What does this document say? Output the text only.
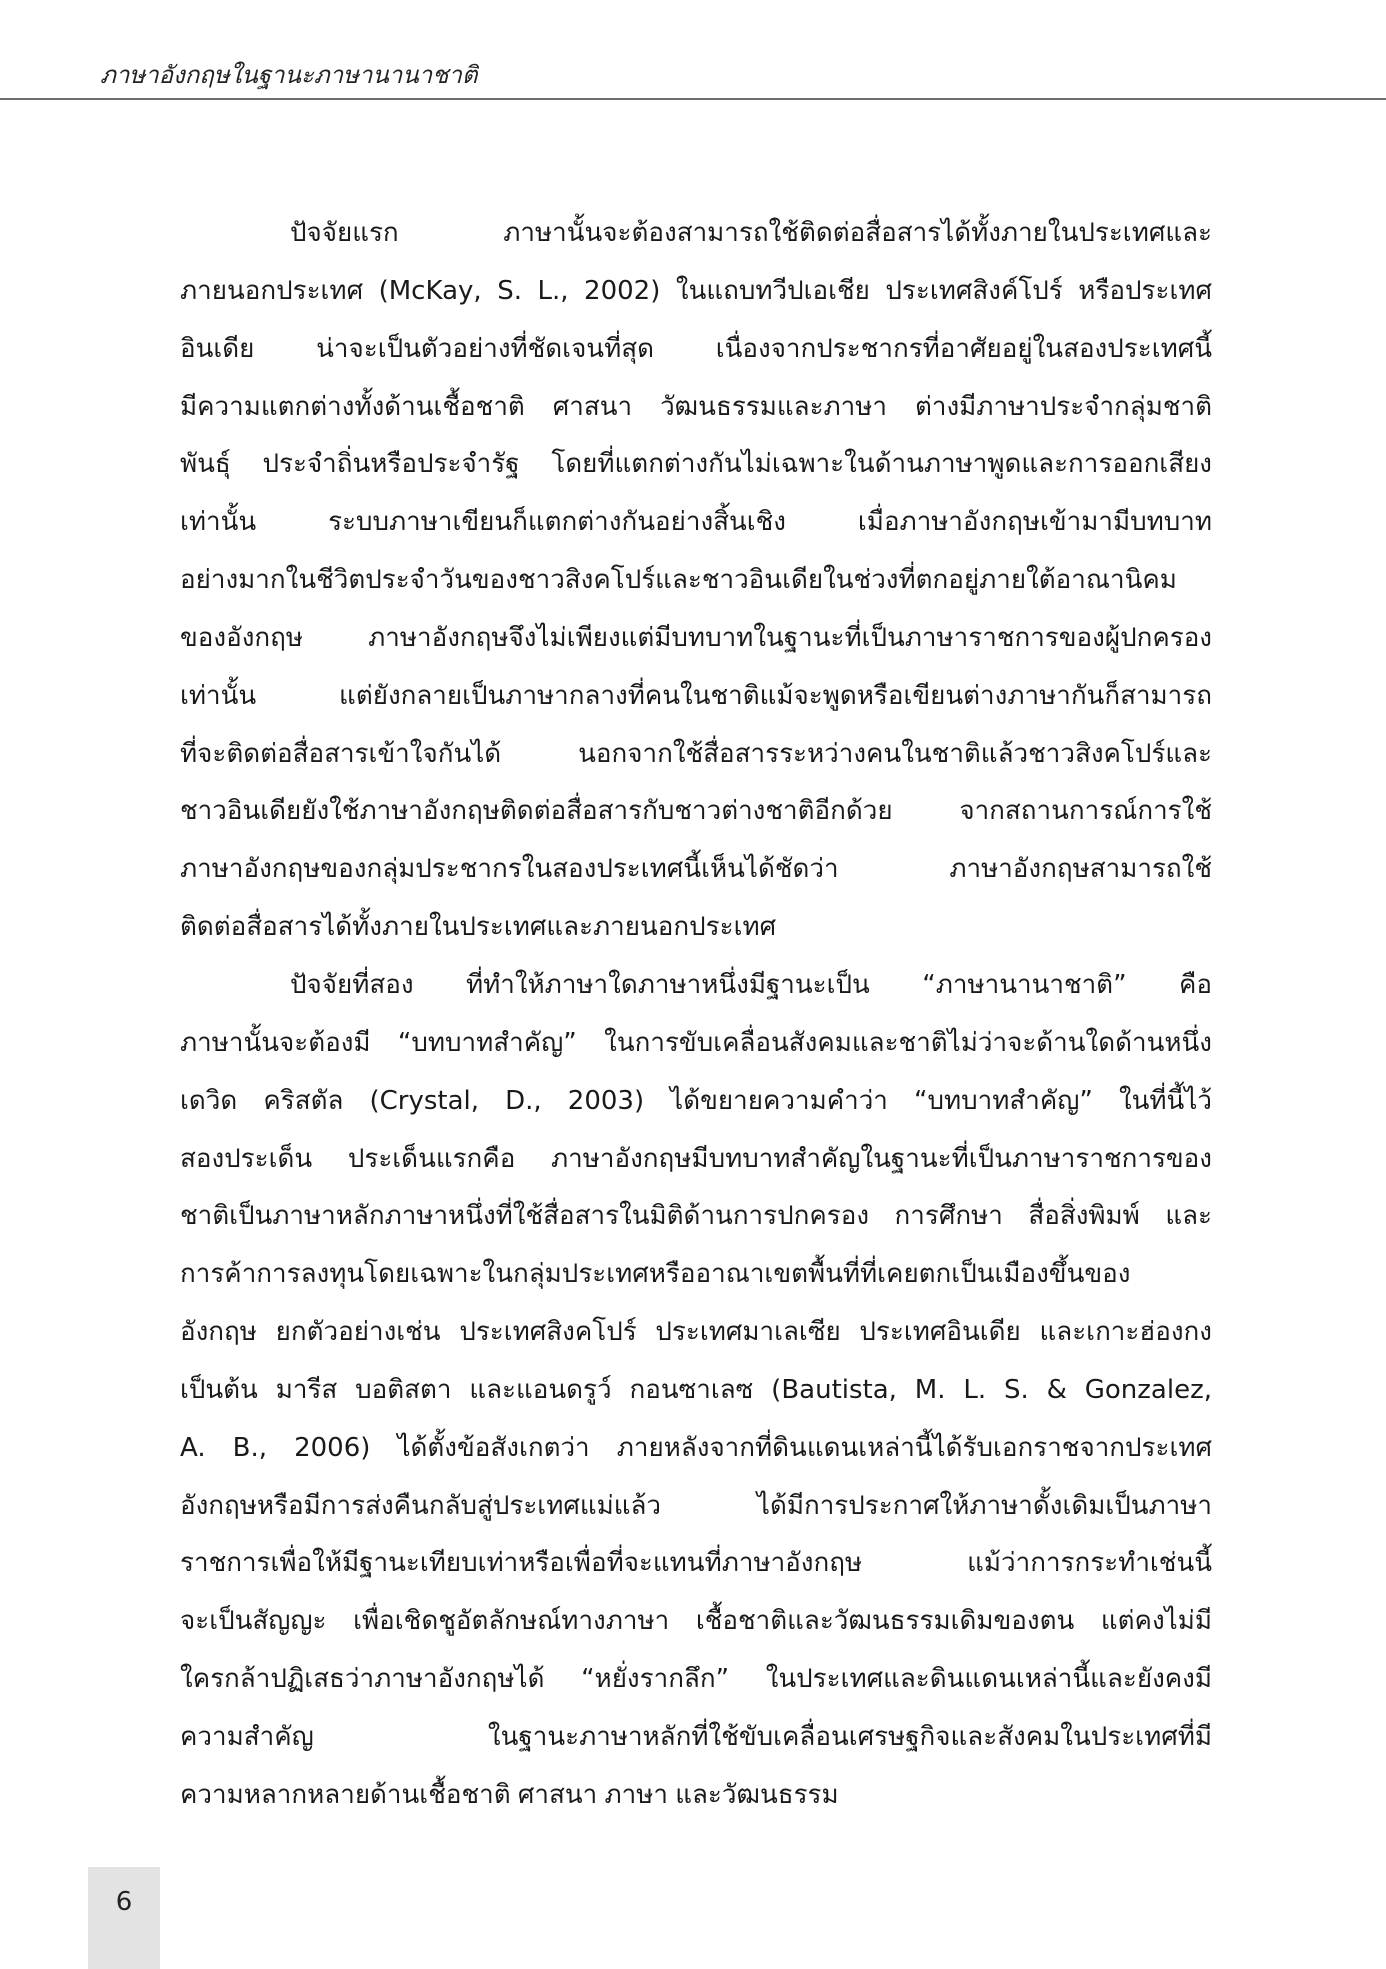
ภาษาอังกฤษในฐานะภาษานานาชาติ
ปัจจัยแรก ภาษานั้นจะต้องสามารถใช้ติดต่อสื่อสารได้ทั้งภายในประเทศและ
ภายนอกประเทศ (McKay, S. L., 2002) ในแถบทวีปเอเชีย ประเทศสิงค์โปร์ หรือประเทศ
อินเดีย น่าจะเป็นตัวอย่างที่ชัดเจนที่สุด เนื่องจากประชากรที่อาศัยอยู่ในสองประเทศนี้
มีความแตกต่างทั้งด้านเชื้อชาติ ศาสนา วัฒนธรรมและภาษา ต่างมีภาษาประจำกลุ่มชาติ
พันธุ์ ประจำถิ่นหรือประจำรัฐ โดยที่แตกต่างกันไม่เฉพาะในด้านภาษาพูดและการออกเสียง
เท่านั้น ระบบภาษาเขียนก็แตกต่างกันอย่างสิ้นเชิง เมื่อภาษาอังกฤษเข้ามามีบทบาท
อย่างมากในชีวิตประจำวันของชาวสิงคโปร์และชาวอินเดียในช่วงที่ตกอยู่ภายใต้อาณานิคม
ของอังกฤษ ภาษาอังกฤษจึงไม่เพียงแต่มีบทบาทในฐานะที่เป็นภาษาราชการของผู้ปกครอง
เท่านั้น แต่ยังกลายเป็นภาษากลางที่คนในชาติแม้จะพูดหรือเขียนต่างภาษากันก็สามารถ
ที่จะติดต่อสื่อสารเข้าใจกันได้ นอกจากใช้สื่อสารระหว่างคนในชาติแล้วชาวสิงคโปร์และ
ชาวอินเดียยังใช้ภาษาอังกฤษติดต่อสื่อสารกับชาวต่างชาติอีกด้วย จากสถานการณ์การใช้
ภาษาอังกฤษของกลุ่มประชากรในสองประเทศนี้เห็นได้ชัดว่า ภาษาอังกฤษสามารถใช้
ติดต่อสื่อสารได้ทั้งภายในประเทศและภายนอกประเทศ
ปัจจัยที่สอง ที่ทำให้ภาษาใดภาษาหนึ่งมีฐานะเป็น “ภาษานานาชาติ” คือ
ภาษานั้นจะต้องมี “บทบาทสำคัญ” ในการขับเคลื่อนสังคมและชาติไม่ว่าจะด้านใดด้านหนึ่ง
เดวิด คริสตัล (Crystal, D., 2003) ได้ขยายความคำว่า “บทบาทสำคัญ” ในที่นี้ไว้
สองประเด็น ประเด็นแรกคือ ภาษาอังกฤษมีบทบาทสำคัญในฐานะที่เป็นภาษาราชการของ
ชาติเป็นภาษาหลักภาษาหนึ่งที่ใช้สื่อสารในมิติด้านการปกครอง การศึกษา สื่อสิ่งพิมพ์ และ
การค้าการลงทุนโดยเฉพาะในกลุ่มประเทศหรืออาณาเขตพื้นที่ที่เคยตกเป็นเมืองขึ้นของ
อังกฤษ ยกตัวอย่างเช่น ประเทศสิงคโปร์ ประเทศมาเลเซีย ประเทศอินเดีย และเกาะฮ่องกง
เป็นต้น มารีส บอติสตา และแอนดรูว์ กอนซาเลซ (Bautista, M. L. S. & Gonzalez,
A. B., 2006) ได้ตั้งข้อสังเกตว่า ภายหลังจากที่ดินแดนเหล่านี้ได้รับเอกราชจากประเทศ
อังกฤษหรือมีการส่งคืนกลับสู่ประเทศแม่แล้ว ได้มีการประกาศให้ภาษาดั้งเดิมเป็นภาษา
ราชการเพื่อให้มีฐานะเทียบเท่าหรือเพื่อที่จะแทนที่ภาษาอังกฤษ แม้ว่าการกระทำเช่นนี้
จะเป็นสัญญะ เพื่อเชิดชูอัตลักษณ์ทางภาษา เชื้อชาติและวัฒนธรรมเดิมของตน แต่คงไม่มี
ใครกล้าปฏิเสธว่าภาษาอังกฤษได้ “หยั่งรากลึก” ในประเทศและดินแดนเหล่านี้และยังคงมี
ความสำคัญ ในฐานะภาษาหลักที่ใช้ขับเคลื่อนเศรษฐกิจและสังคมในประเทศที่มี
ความหลากหลายด้านเชื้อชาติ ศาสนา ภาษา และวัฒนธรรม
6
